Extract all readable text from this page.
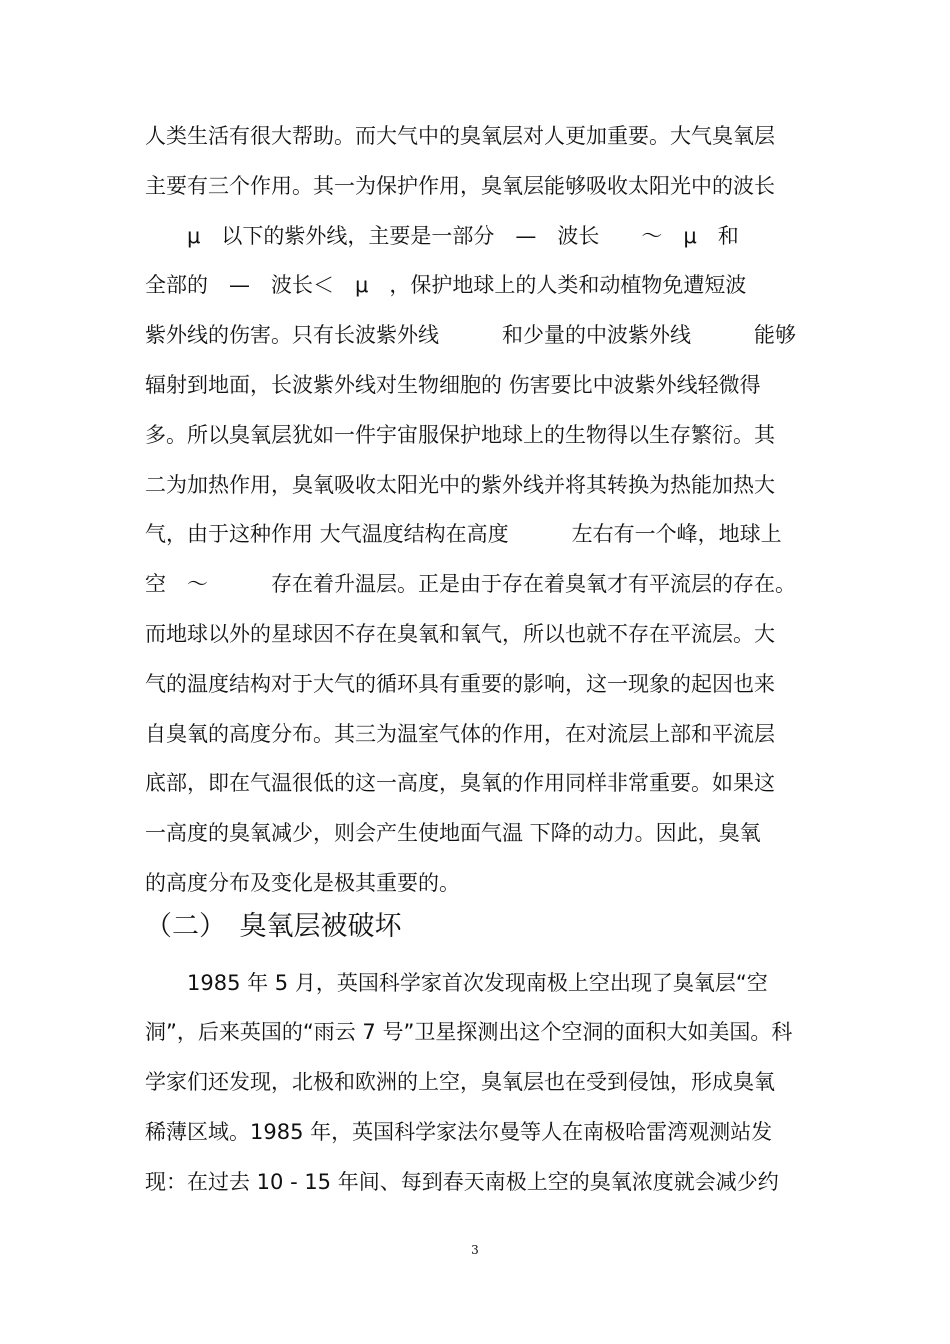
人类生活有很大帮助。而大气中的臭氧层对人更加重要。大气臭氧层
主要有三个作用。其一为保护作用，臭氧层能够吸收太阳光中的波长
　　μ　以下的紫外线，主要是一部分　—　波长　　～　μ　和
全部的　—　波长＜　μ　，保护地球上的人类和动植物免遭短波
紫外线的伤害。只有长波紫外线　　　和少量的中波紫外线　　　能够
辐射到地面，长波紫外线对生物细胞的 伤害要比中波紫外线轻微得
多。所以臭氧层犹如一件宇宙服保护地球上的生物得以生存繁衍。其
二为加热作用，臭氧吸收太阳光中的紫外线并将其转换为热能加热大
气，由于这种作用 大气温度结构在高度　　　左右有一个峰，地球上
空　～　　　存在着升温层。正是由于存在着臭氧才有平流层的存在。
而地球以外的星球因不存在臭氧和氧气，所以也就不存在平流层。大
气的温度结构对于大气的循环具有重要的影响，这一现象的起因也来
自臭氧的高度分布。其三为温室气体的作用，在对流层上部和平流层
底部，即在气温很低的这一高度，臭氧的作用同样非常重要。如果这
一高度的臭氧减少，则会产生使地面气温 下降的动力。因此，臭氧
的高度分布及变化是极其重要的。
（二）　臭氧层被破坏
　　1985 年 5 月，英国科学家首次发现南极上空出现了臭氧层“空
洞”，后来英国的“雨云 7 号”卫星探测出这个空洞的面积大如美国。科
学家们还发现，北极和欧洲的上空，臭氧层也在受到侵蚀，形成臭氧
稀薄区域。1985 年，英国科学家法尔曼等人在南极哈雷湾观测站发
现：在过去 10 - 15 年间、每到春天南极上空的臭氧浓度就会减少约
3
